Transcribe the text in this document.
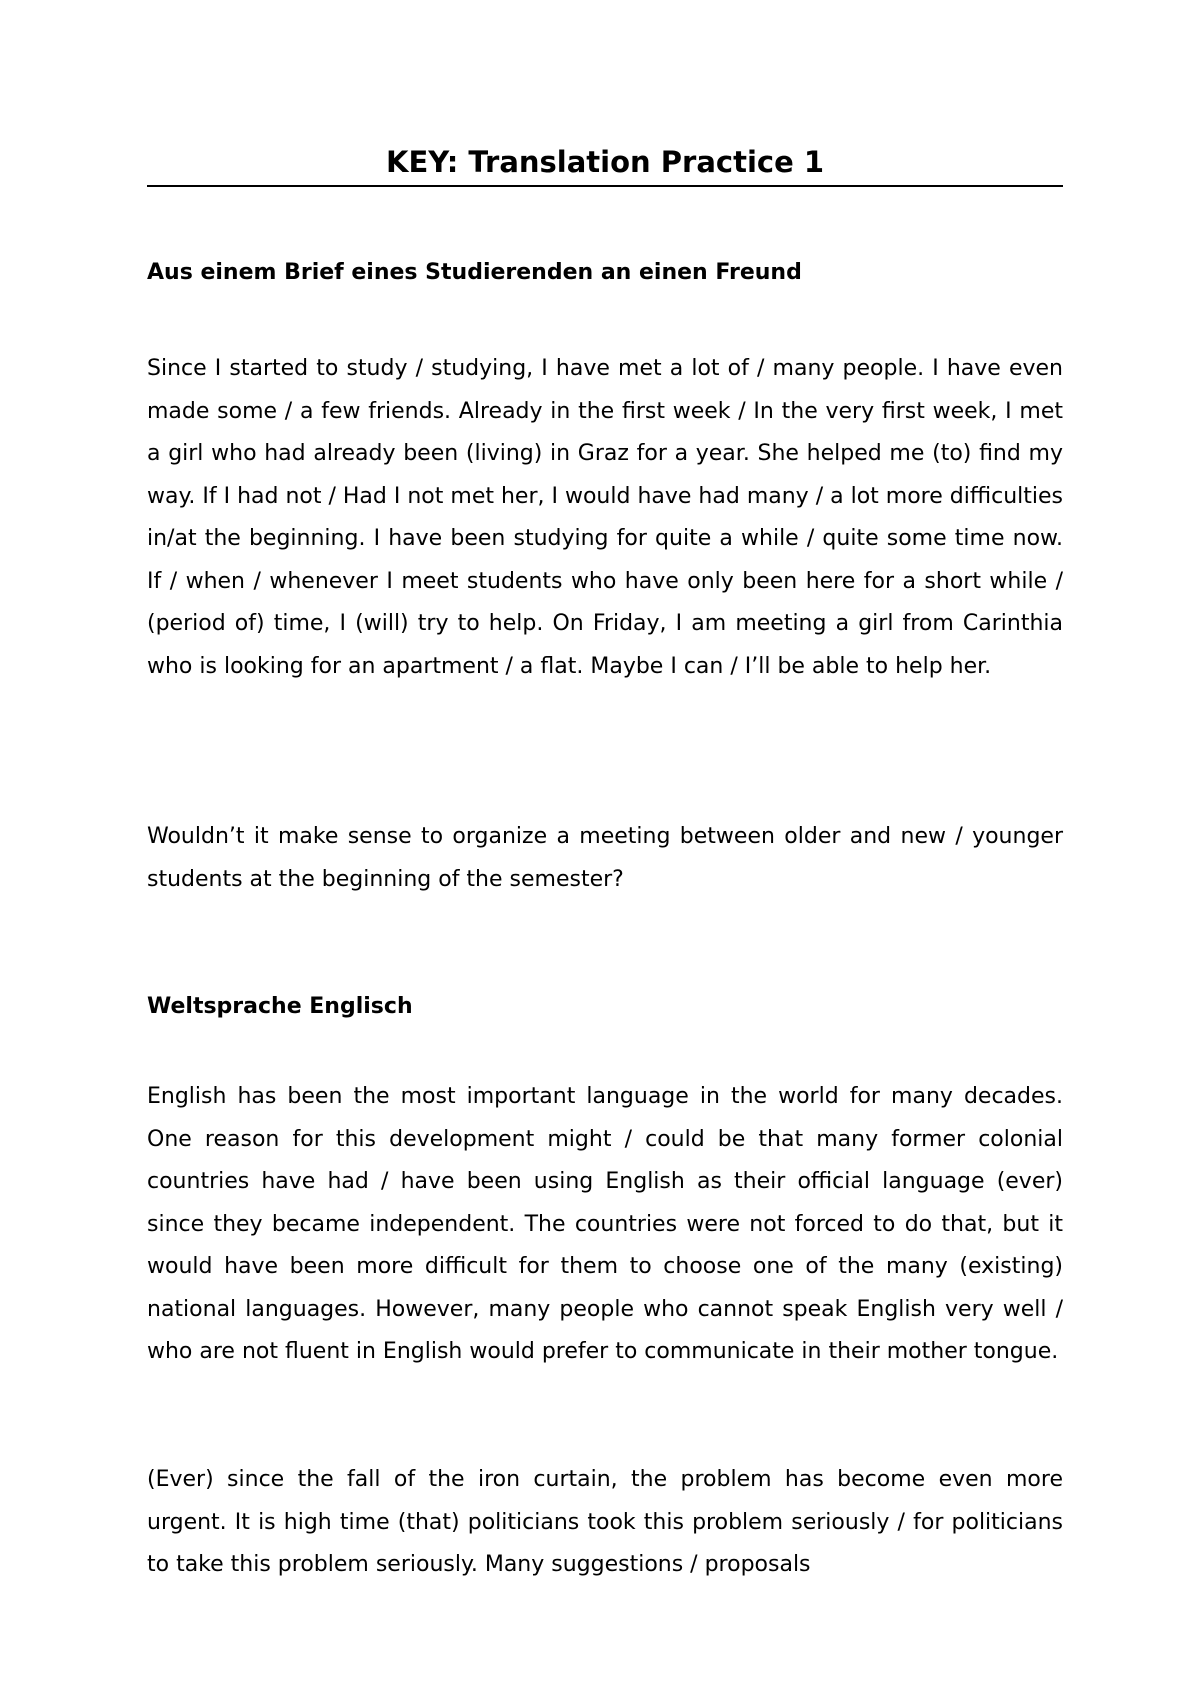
KEY: Translation Practice 1
Aus einem Brief eines Studierenden an einen Freund

Since I started to study / studying, I have met a lot of / many people. I have even made some / a few friends. Already in the first week / In the very first week, I met a girl who had already been (living) in Graz for a year. She helped me (to) find my way. If I had not / Had I not met her, I would have had many / a lot more difficulties in/at the beginning. I have been studying for quite a while / quite some time now. If / when / whenever I meet students who have only been here for a short while / (period of) time, I (will) try to help. On Friday, I am meeting a girl from Carinthia who is looking for an apartment / a flat. Maybe I can / I’ll be able to help her.

Wouldn’t it make sense to organize a meeting between older and new / younger students at the beginning of the semester?

Weltsprache Englisch

English has been the most important language in the world for many decades. One reason for this development might / could be that many former colonial countries have had / have been using English as their official language (ever) since they became independent. The countries were not forced to do that, but it would have been more difficult for them to choose one of the many (existing) national languages. However, many people who cannot speak English very well / who are not fluent in English would prefer to communicate in their mother tongue.

(Ever) since the fall of the iron curtain, the problem has become even more urgent. It is high time (that) politicians took this problem seriously / for politicians to take this problem seriously. Many suggestions / proposals
